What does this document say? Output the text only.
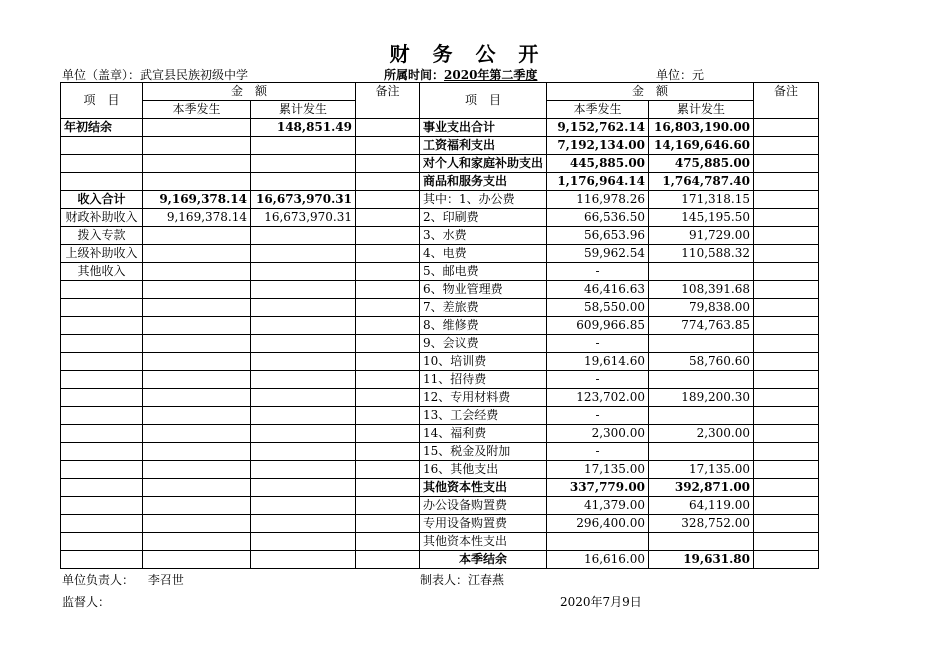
财 务 公 开
单位（盖章）：武宣县民族初级中学	所属时间：2020年第二季度	单位：元
项　目	金　额		备注	项　目	金　额		备注
	本季发生	累计发生			本季发生	累计发生	
年初结余		148,851.49		事业支出合计	9,152,762.14	16,803,190.00	
				工资福利支出	7,192,134.00	14,169,646.60	
				对个人和家庭补助支出	445,885.00	475,885.00	
				商品和服务支出	1,176,964.14	1,764,787.40	
收入合计	9,169,378.14	16,673,970.31		其中：1、办公费	116,978.26	171,318.15	
财政补助收入	9,169,378.14	16,673,970.31		2、印刷费	66,536.50	145,195.50	
拨入专款				3、水费	56,653.96	91,729.00	
上级补助收入				4、电费	59,962.54	110,588.32	
其他收入				5、邮电费	-		
				6、物业管理费	46,416.63	108,391.68	
				7、差旅费	58,550.00	79,838.00	
				8、维修费	609,966.85	774,763.85	
				9、会议费	-		
				10、培训费	19,614.60	58,760.60	
				11、招待费	-		
				12、专用材料费	123,702.00	189,200.30	
				13、工会经费	-		
				14、福利费	2,300.00	2,300.00	
				15、税金及附加	-		
				16、其他支出	17,135.00	17,135.00	
				其他资本性支出	337,779.00	392,871.00	
				办公设备购置费	41,379.00	64,119.00	
				专用设备购置费	296,400.00	328,752.00	
				其他资本性支出			
				本季结余	16,616.00	19,631.80	
单位负责人： 李召世	制表人：江春燕
监督人：	2020年7月9日
